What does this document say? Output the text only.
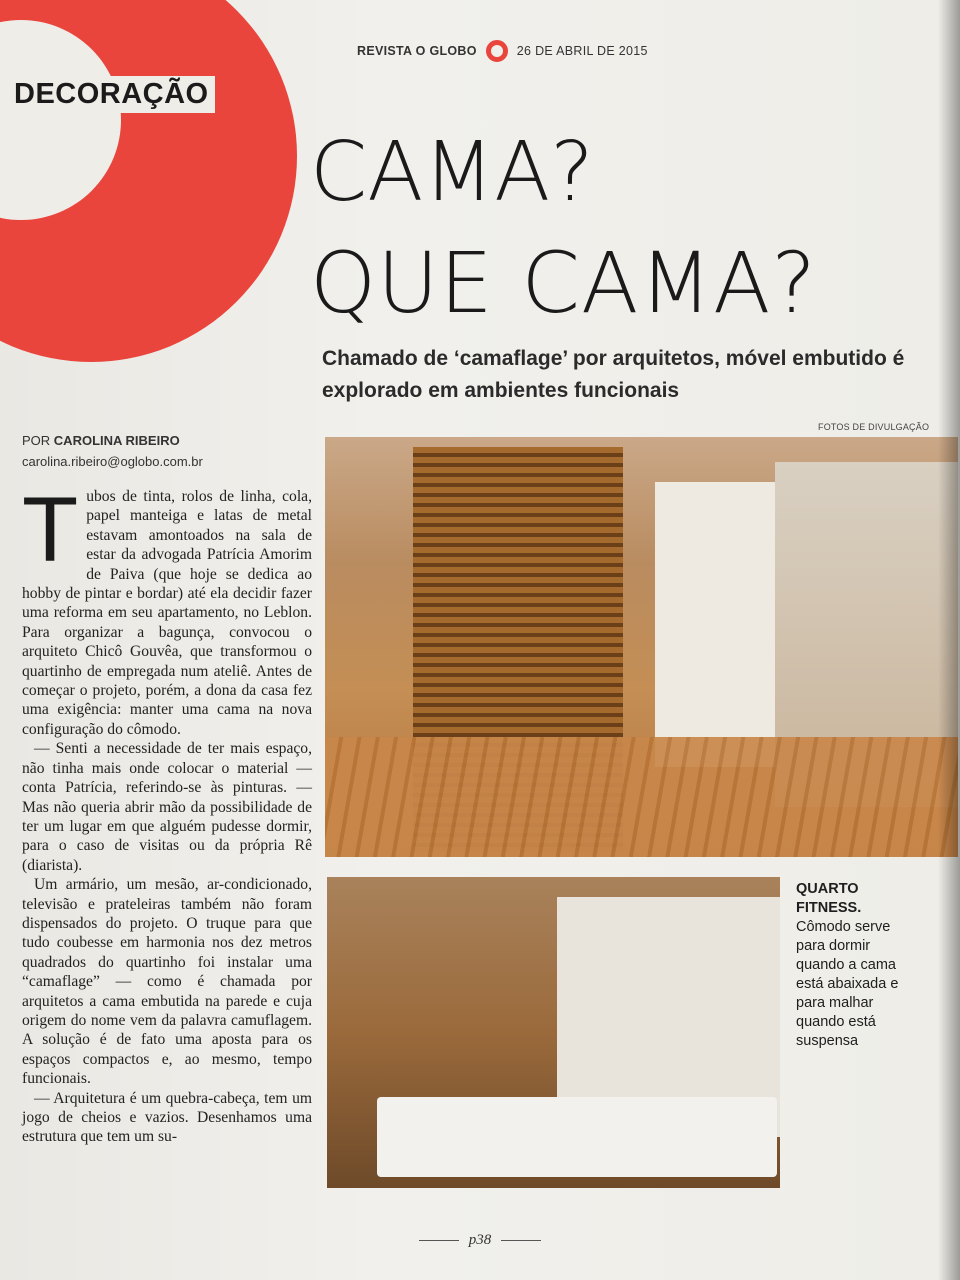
DECORAÇÃO
REVISTA O GLOBO	26 DE ABRIL DE 2015
CAMA?
QUE CAMA?

Chamado de ‘camaflage’ por arquitetos, móvel embutido é explorado em ambientes funcionais

POR CAROLINA RIBEIRO
carolina.ribeiro@oglobo.com.br
FOTOS DE DIVULGAÇÃO

Tubos de tinta, rolos de linha, cola, papel manteiga e latas de metal estavam amontoados na sala de estar da advogada Patrícia Amorim de Paiva (que hoje se dedica ao hobby de pintar e bordar) até ela decidir fazer uma reforma em seu apartamento, no Leblon. Para organizar a bagunça, convocou o arquiteto Chicô Gouvêa, que transformou o quartinho de empregada num ateliê. Antes de começar o projeto, porém, a dona da casa fez uma exigência: manter uma cama na nova configuração do cômodo.

— Senti a necessidade de ter mais espaço, não tinha mais onde colocar o material — conta Patrícia, referindo-se às pinturas. — Mas não queria abrir mão da possibilidade de ter um lugar em que alguém pudesse dormir, para o caso de visitas ou da própria Rê (diarista).

Um armário, um mesão, ar-condicionado, televisão e prateleiras também não foram dispensados do projeto. O truque para que tudo coubesse em harmonia nos dez metros quadrados do quartinho foi instalar uma “camaflage” — como é chamada por arquitetos a cama embutida na parede e cuja origem do nome vem da palavra camuflagem. A solução é de fato uma aposta para os espaços compactos e, ao mesmo, tempo funcionais.

— Arquitetura é um quebra-cabeça, tem um jogo de cheios e vazios. Desenhamos uma estrutura que tem um su-

QUARTO FITNESS.
Cômodo serve para dormir quando a cama está abaixada e para malhar quando está suspensa
p38
